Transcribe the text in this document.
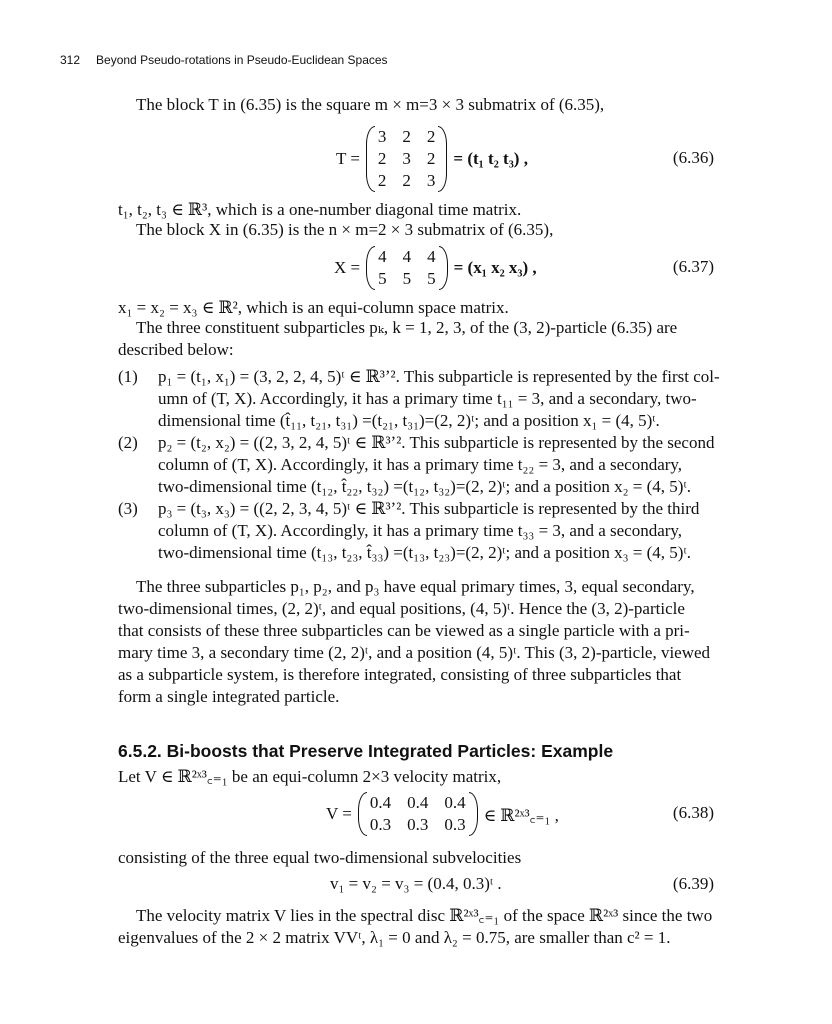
312 Beyond Pseudo-rotations in Pseudo-Euclidean Spaces
The block T in (6.35) is the square m × m=3 × 3 submatrix of (6.35),
T =
3 2 2
2 3 2
2 2 3
= (t₁ t₂ t₃) ,	(6.36)
t₁, t₂, t₃ ∈ ℝ³, which is a one-number diagonal time matrix.
The block X in (6.35) is the n × m=2 × 3 submatrix of (6.35),
X =
4 4 4
5 5 5
= (x₁ x₂ x₃) ,	(6.37)
x₁ = x₂ = x₃ ∈ ℝ², which is an equi-column space matrix.
The three constituent subparticles pₖ, k = 1, 2, 3, of the (3, 2)-particle (6.35) are
described below:
(1)	p₁ = (t₁, x₁) = (3, 2, 2, 4, 5)ᵗ ∈ ℝ³ʼ². This subparticle is represented by the first col-
umn of (T, X). Accordingly, it has a primary time t₁₁ = 3, and a secondary, two-
dimensional time (t̂₁₁, t₂₁, t₃₁) =(t₂₁, t₃₁)=(2, 2)ᵗ; and a position x₁ = (4, 5)ᵗ.
(2)	p₂ = (t₂, x₂) = ((2, 3, 2, 4, 5)ᵗ ∈ ℝ³ʼ². This subparticle is represented by the second
column of (T, X). Accordingly, it has a primary time t₂₂ = 3, and a secondary,
two-dimensional time (t₁₂, t̂₂₂, t₃₂) =(t₁₂, t₃₂)=(2, 2)ᵗ; and a position x₂ = (4, 5)ᵗ.
(3)	p₃ = (t₃, x₃) = ((2, 2, 3, 4, 5)ᵗ ∈ ℝ³ʼ². This subparticle is represented by the third
column of (T, X). Accordingly, it has a primary time t₃₃ = 3, and a secondary,
two-dimensional time (t₁₃, t₂₃, t̂₃₃) =(t₁₃, t₂₃)=(2, 2)ᵗ; and a position x₃ = (4, 5)ᵗ.
The three subparticles p₁, p₂, and p₃ have equal primary times, 3, equal secondary,
two-dimensional times, (2, 2)ᵗ, and equal positions, (4, 5)ᵗ. Hence the (3, 2)-particle
that consists of these three subparticles can be viewed as a single particle with a pri-
mary time 3, a secondary time (2, 2)ᵗ, and a position (4, 5)ᵗ. This (3, 2)-particle, viewed
as a subparticle system, is therefore integrated, consisting of three subparticles that
form a single integrated particle.
6.5.2. Bi-boosts that Preserve Integrated Particles: Example
Let V ∈ ℝ²ˣ³꜀₌₁ be an equi-column 2×3 velocity matrix,
V =
0.4 0.4 0.4
0.3 0.3 0.3 ∈ ℝ²ˣ³꜀₌₁ ,	(6.38)
consisting of the three equal two-dimensional subvelocities
v₁ = v₂ = v₃ = (0.4, 0.3)ᵗ .	(6.39)
The velocity matrix V lies in the spectral disc ℝ²ˣ³꜀₌₁ of the space ℝ²ˣ³ since the two
eigenvalues of the 2 × 2 matrix VVᵗ, λ₁ = 0 and λ₂ = 0.75, are smaller than c² = 1.
